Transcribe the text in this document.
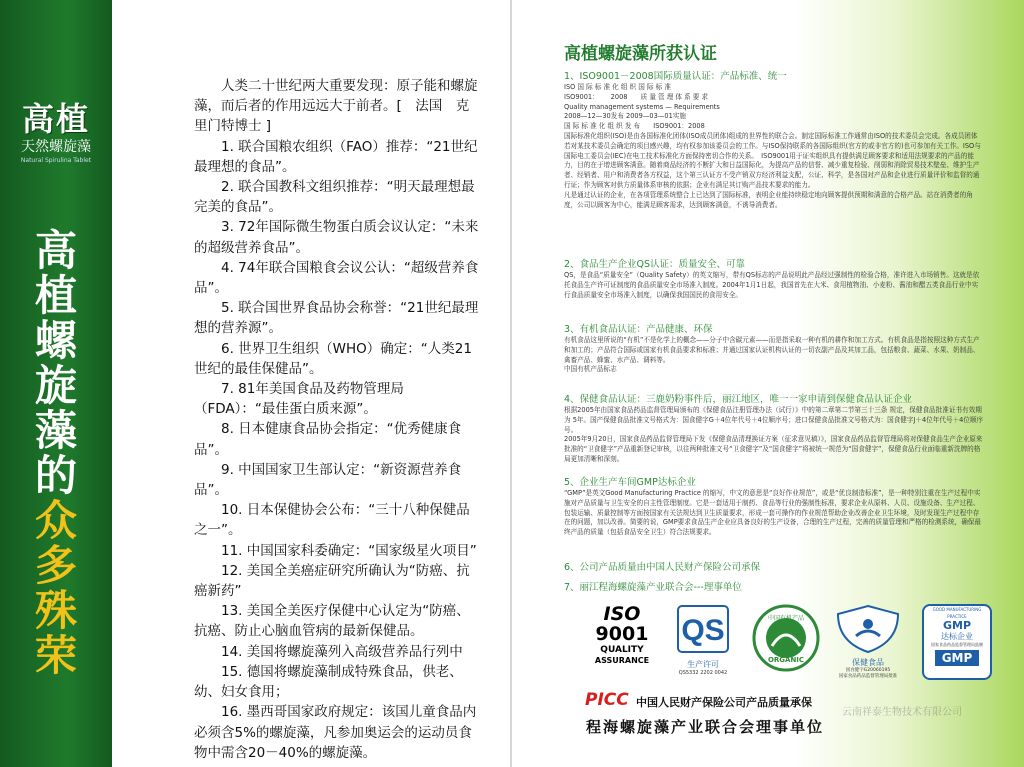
高植
天然螺旋藻
Natural Spirulina Tablet
高
植
螺
旋
藻
的
众
多
殊
荣

人类二十世纪两大重要发现：原子能和螺旋藻，而后者的作用远远大于前者。[　法国　克里门特博士 ]

1. 联合国粮农组织（FAO）推荐：“21世纪最理想的食品”。

2. 联合国教科文组织推荐：“明天最理想最完美的食品”。

3. 72年国际微生物蛋白质会议认定：“未来的超级营养食品”。

4. 74年联合国粮食会议公认：“超级营养食品”。

5. 联合国世界食品协会称誉：“21世纪最理想的营养源”。

6. 世界卫生组织（WHO）确定：“人类21世纪的最佳保健品”。

7. 81年美国食品及药物管理局（FDA）：“最佳蛋白质来源”。

8. 日本健康食品协会指定：“优秀健康食品”。

9. 中国国家卫生部认定：“新资源营养食品”。

10. 日本保健协会公布：“三十八种保健品之一”。

11. 中国国家科委确定：“国家级星火项目”

12. 美国全美癌症研究所确认为“防癌、抗癌新药”

13. 美国全美医疗保健中心认定为“防癌、抗癌、防止心脑血管病的最新保健品。

14. 美国将螺旋藻列入高级营养品行列中

15. 德国将螺旋藻制成特殊食品，供老、幼、妇女食用；

16. 墨西哥国家政府规定：该国儿童食品内必须含5%的螺旋藻，凡参加奥运会的运动员食物中需含20－40%的螺旋藻。

高植螺旋藻所获认证
1、ISO9001－2008国际质量认证：产品标准、统一
ISO 国 际 标 准 化 组 织 国 际 标 准
ISO9001：　　 2008　　质 量 管 理 体 系 要 求
Quality management systems — Requirements
2008—12—30发布 2009—03—01实施
国 际 标 准 化 组 织 发 布　　ISO9001：2008
国际标准化组织(ISO)是由各国标准化团体(ISO成员团体)组成的世界性的联合会。制定国际标准工作通常由ISO的技术委员会完成。各成员团体若对某技术委员会确定的项目感兴趣，均有权参加该委员会的工作。与ISO保持联系的各国际组织(官方的或非官方的)也可参加有关工作。ISO与国际电工委员会(IEC)在电工技术标准化方面保持密切合作的关系。　ISO9001用于证实组织具有提供满足顾客要求和适用法规要求的产品的能力，目的在于增进顾客满意。随着商品经济的不断扩大和日益国际化，为提高产品的信誉、减少重复检验、削弱和消除贸易技术壁垒、维护生产者、经销者、用户和消费者各方权益，这个第三认证方不受产销双方经济利益支配，公证、科学，是各国对产品和企业进行质量评价和监督的通行证；作为顾客对供方质量体系审核的依据；企业有满足其订购产品技术要求的能力。
凡是通过认证的企业，在各项管理系统整合上已达到了国际标准，表明企业能持续稳定地向顾客提供预期和满意的合格产品。站在消费者的角度，公司以顾客为中心，能满足顾客需求，达到顾客满意，不诱导消费者。
2、食品生产企业QS认证：质量安全、可靠
QS，是食品“质量安全”（Quality Safety）的英文缩写，带有QS标志的产品说明此产品经过强制性的检验合格，准许进入市场销售。这就是依托食品生产许可证制度的食品质量安全市场准入制度。2004年1月1日起，我国首先在大米、食用植物油、小麦粉、酱油和醋五类食品行业中实行食品质量安全市场准入制度，以确保我国国民的食用安全。
3、有机食品认证：产品健康、环保
有机食品这里所说的“有机”不是化学上的概念——分子中含碳元素——而是指采取一种有机的耕作和加工方式。有机食品是指按照这种方式生产和加工的；产品符合国际或国家有机食品要求和标准；并通过国家认证机构认证的一切农副产品及其加工品，包括粮食、蔬菜、水果、奶制品、禽畜产品、蜂蜜、水产品、调料等。
中国有机产品标志
4、保健食品认证：三鹿奶粉事件后，丽江地区，唯一一家申请到保健食品认证企业
根据2005年由国家食品药品监督管理局颁布的《保健食品注册管理办法（试行）》中的第二章第二节第三十三条 规定，保健食品批准证书有效期为 5年。国产保健食品批准文号格式为：国食健字G＋4位年代号＋4位顺序号；进口保健食品批准文号格式为：国食健字J＋4位年代号＋4位顺序号。
2005年9月20日，国家食品药品监督管理局下发《保健食品清理换证方案（征求意见稿）》，国家食品药品监督管理局将对保健食品生产企业原来批准的“卫食健字”产品重新登记审核，以往两种批准文号“卫食健字”及“国食健字”将被统一规范为“国食健字”，保健食品行业面临重新洗牌的格局更加清晰和深刻。
5、企业生产车间GMP达标企业
“GMP”是英文Good Manufacturing Practice 的缩写，中文的意思是“良好作业规范”，或是“优良制造标准”，是一种特别注重在生产过程中实施对产品质量与卫生安全的自主性管理制度。它是一套适用于制药、食品等行业的强制性标准，要求企业从原料、人员、设施设备、生产过程、包装运输、质量控制等方面按国家有关法规达到卫生质量要求，形成一套可操作的作业规范帮助企业改善企业卫生环境，及时发现生产过程中存在的问题，加以改善。简要的说，GMP要求食品生产企业应具备良好的生产设备，合理的生产过程，完善的质量管理和严格的检测系统，确保最终产品的质量（包括食品安全卫生）符合法规要求。
6、公司产品质量由中国人民财产保险公司承保
7、丽江程海螺旋藻产业联合会---理事单位
ISO
9001
QUALITY
ASSURANCE
QS
生产许可
QS5332 2202 0042
中国有机产品
ORGANIC	保健食品
国食健字G20060195
国家食品药品监督管理局批准
GOOD MANUFACTURING PRACTICE
GMP
达标企业
国家食品药品监督管理局监制
GMP
PICC 中国人民财产保险公司产品质量承保
程海螺旋藻产业联合会理事单位
云南祥泰生物技术有限公司
